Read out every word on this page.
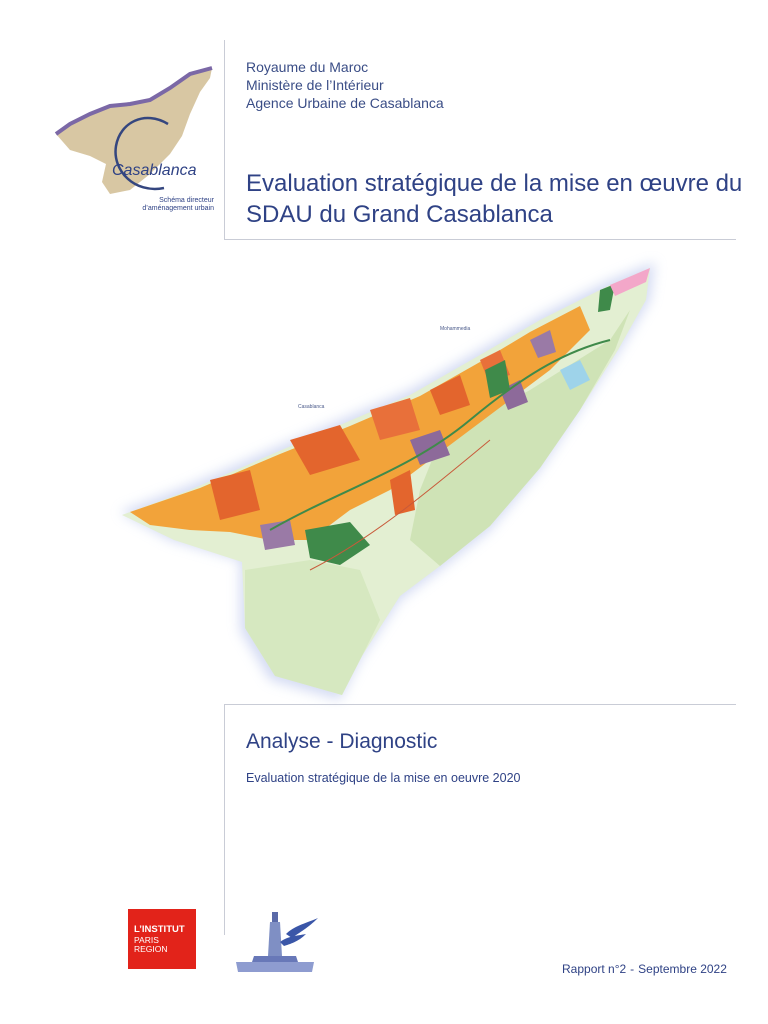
Casablanca
Schéma directeur
d’aménagement urbain
Royaume du Maroc
Ministère de l’Intérieur
Agence Urbaine de Casablanca
Evaluation stratégique de la mise en œuvre du SDAU du Grand Casablanca
Mohammedia
Casablanca
Analyse - Diagnostic
Evaluation stratégique de la mise en oeuvre 2020
L’INSTITUT
PARIS
REGION
Rapport n°2 - Septembre 2022
